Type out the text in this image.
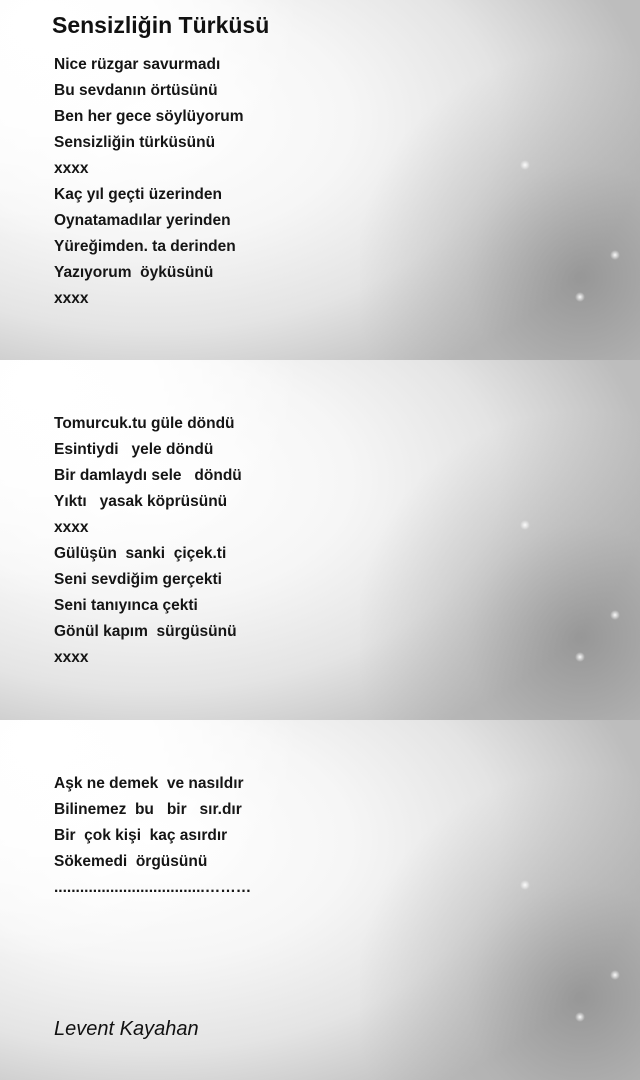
Sensizliğin Türküsü
Nice rüzgar savurmadı
Bu sevdanın örtüsünü
Ben her gece söylüyorum
Sensizliğin türküsünü
xxxx
Kaç yıl geçti üzerinden
Oynatamadılar yerinden
Yüreğimden. ta derinden
Yazıyorum  öyküsünü
xxxx
Tomurcuk.tu güle döndü
Esintiydi   yele döndü
Bir damlaydı sele   döndü
Yıktı   yasak köprüsünü
xxxx
Gülüşün  sanki  çiçek.ti
Seni sevdiğim gerçekti
Seni tanıyınca çekti
Gönül kapım  sürgüsünü
xxxx
Aşk ne demek  ve nasıldır
Bilinemez  bu   bir   sır.dır
Bir  çok kişi  kaç asırdır
Sökemedi  örgüsünü
...................................………
Levent Kayahan
